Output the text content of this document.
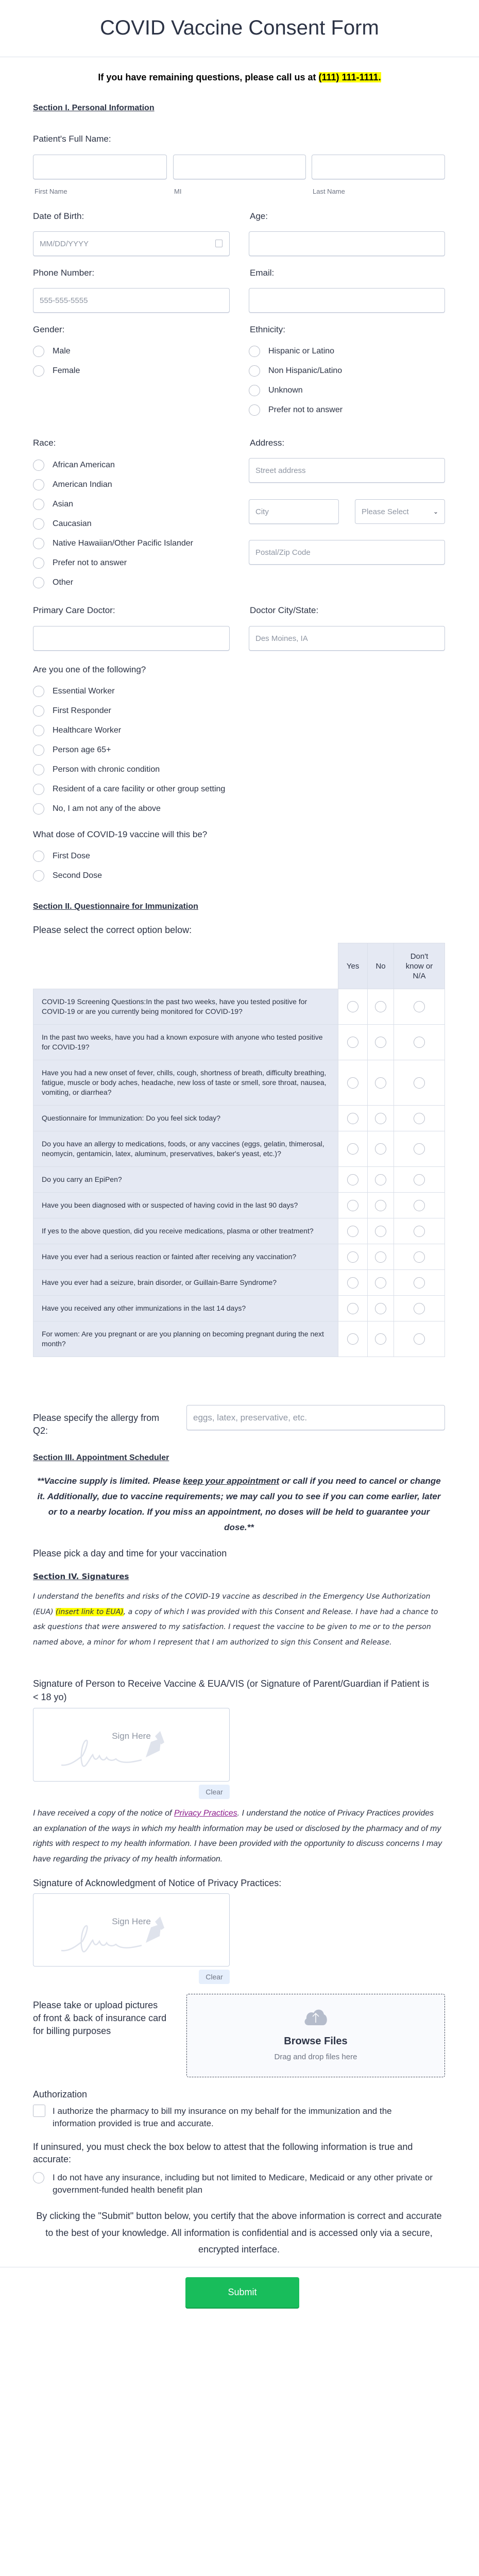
COVID Vaccine Consent Form
If you have remaining questions, please call us at (111) 111-1111.
Section I. Personal Information
Patient's Full Name:
First Name	MI	Last Name
Date of Birth:
MM/DD/YYYY	Age:
Phone Number:
555-555-5555	Email:
Gender:
Male
Female
Ethnicity:
Hispanic or Latino
Non Hispanic/Latino
Unknown
Prefer not to answer
Race:
African American
American Indian
Asian
Caucasian
Native Hawaiian/Other Pacific Islander
Prefer not to answer
Other
Address:
Street address
City
Please Select	⌄
Postal/Zip Code
Primary Care Doctor:	Doctor City/State:
Des Moines, IA
Are you one of the following?
Essential Worker
First Responder
Healthcare Worker
Person age 65+
Person with chronic condition
Resident of a care facility or other group setting
No, I am not any of the above
What dose of COVID-19 vaccine will this be?
First Dose
Second Dose
Section II. Questionnaire for Immunization
Please select the correct option below:
	Yes	No	Don't know or N/A
COVID-19 Screening Questions:In the past two weeks, have you tested positive for COVID-19 or are you currently being monitored for COVID-19?	

In the past two weeks, have you had a known exposure with anyone who tested positive for COVID-19?	

Have you had a new onset of fever, chills, cough, shortness of breath, difficulty breathing, fatigue, muscle or body aches, headache, new loss of taste or smell, sore throat, nausea, vomiting, or diarrhea?	

Questionnaire for Immunization: Do you feel sick today?	

Do you have an allergy to medications, foods, or any vaccines (eggs, gelatin, thimerosal, neomycin, gentamicin, latex, aluminum, preservatives, baker's yeast, etc.)?	

Do you carry an EpiPen?	

Have you been diagnosed with or suspected of having covid in the last 90 days?	

If yes to the above question, did you receive medications, plasma or other treatment?	

Have you ever had a serious reaction or fainted after receiving any vaccination?	

Have you ever had a seizure, brain disorder, or Guillain-Barre Syndrome?	

Have you received any other immunizations in the last 14 days?	

For women: Are you pregnant or are you planning on becoming pregnant during the next month?	

Please specify the allergy from Q2:
eggs, latex, preservative, etc.
Section III. Appointment Scheduler
**Vaccine supply is limited. Please keep your appointment or call if you need to cancel or change it. Additionally, due to vaccine requirements; we may call you to see if you can come earlier, later or to a nearby location. If you miss an appointment, no doses will be held to guarantee your dose.**
Please pick a day and time for your vaccination
Section IV. Signatures
I understand the benefits and risks of the COVID-19 vaccine as described in the Emergency Use Authorization (EUA) (insert link to EUA), a copy of which I was provided with this Consent and Release. I have had a chance to ask questions that were answered to my satisfaction. I request the vaccine to be given to me or to the person named above, a minor for whom I represent that I am authorized to sign this Consent and Release.
Signature of Person to Receive Vaccine & EUA/VIS (or Signature of Parent/Guardian if Patient is < 18 yo)
Sign Here
Clear
I have received a copy of the notice of Privacy Practices. I understand the notice of Privacy Practices provides an explanation of the ways in which my health information may be used or disclosed by the pharmacy and of my rights with respect to my health information. I have been provided with the opportunity to discuss concerns I may have regarding the privacy of my health information.
Signature of Acknowledgment of Notice of Privacy Practices:
Sign Here
Clear
Please take or upload pictures of front & back of insurance card for billing purposes
Browse Files
Drag and drop files here
Authorization
I authorize the pharmacy to bill my insurance on my behalf for the immunization and the information provided is true and accurate.
If uninsured, you must check the box below to attest that the following information is true and accurate:
I do not have any insurance, including but not limited to Medicare, Medicaid or any other private or government-funded health benefit plan
By clicking the "Submit" button below, you certify that the above information is correct and accurate to the best of your knowledge. All information is confidential and is accessed only via a secure, encrypted interface.
Submit
